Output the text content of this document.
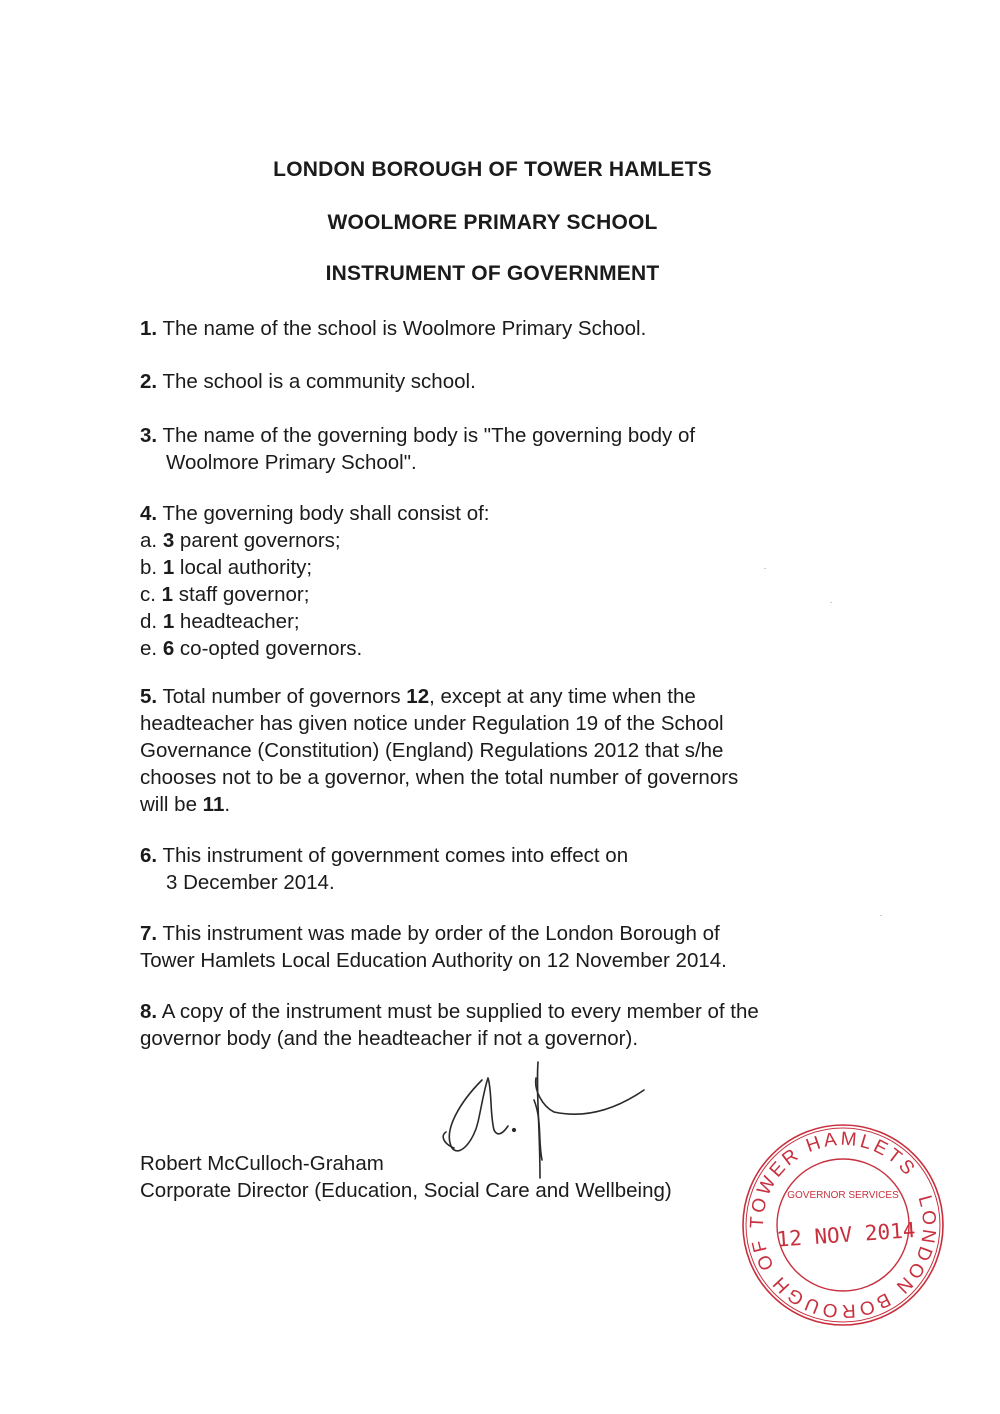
LONDON BOROUGH OF TOWER HAMLETS
WOOLMORE PRIMARY SCHOOL
INSTRUMENT OF GOVERNMENT
1. The name of the school is Woolmore Primary School.
2. The school is a community school.
3. The name of the governing body is "The governing body of
Woolmore Primary School".
4. The governing body shall consist of:
a. 3 parent governors;
b. 1 local authority;
c. 1 staff governor;
d. 1 headteacher;
e. 6 co-opted governors.
5. Total number of governors 12, except at any time when the
headteacher has given notice under Regulation 19 of the School
Governance (Constitution) (England) Regulations 2012 that s/he
chooses not to be a governor, when the total number of governors
will be 11.
6. This instrument of government comes into effect on
3 December 2014.
7. This instrument was made by order of the London Borough of
Tower Hamlets Local Education Authority on 12 November 2014.
8. A copy of the instrument must be supplied to every member of the
governor body (and the headteacher if not a governor).
Robert McCulloch-Graham
Corporate Director (Education, Social Care and Wellbeing)
LONDON BOROUGH OF TOWER HAMLETS
GOVERNOR SERVICES
12 NOV 2014
